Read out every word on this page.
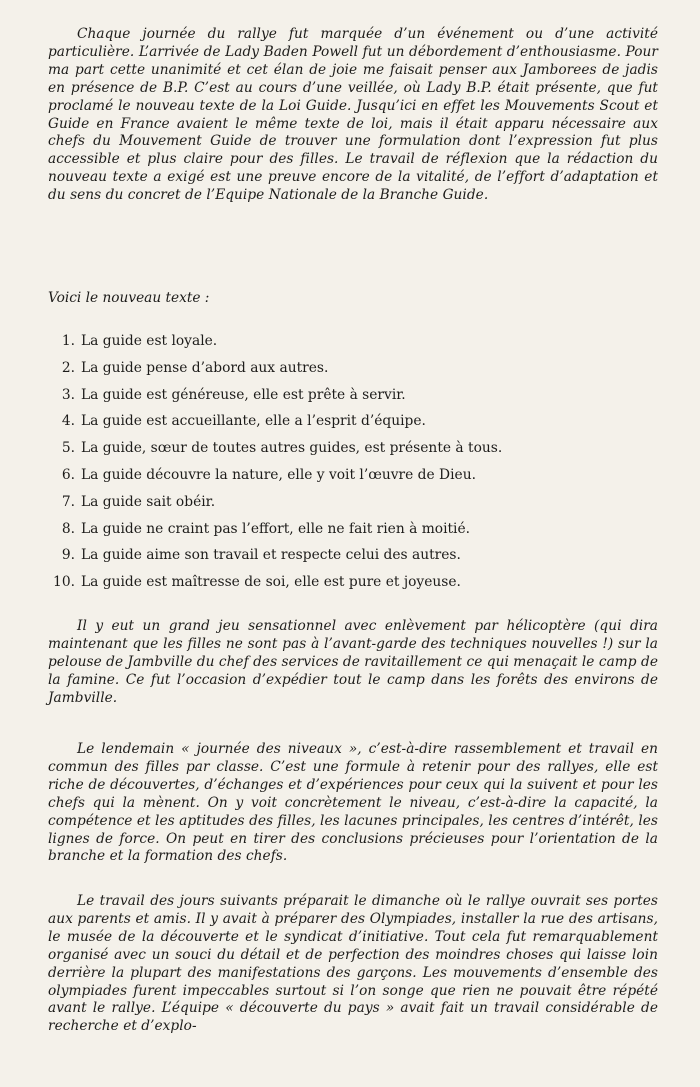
Chaque journée du rallye fut marquée d’un événement ou d’une activité particulière. L’arrivée de Lady Baden Powell fut un débordement d’enthousiasme. Pour ma part cette unanimité et cet élan de joie me faisait penser aux Jamborees de jadis en présence de B.P. C’est au cours d’une veillée, où Lady B.P. était présente, que fut proclamé le nouveau texte de la Loi Guide. Jusqu’ici en effet les Mouvements Scout et Guide en France avaient le même texte de loi, mais il était apparu nécessaire aux chefs du Mouvement Guide de trouver une formulation dont l’expression fut plus accessible et plus claire pour des filles. Le travail de réflexion que la rédaction du nouveau texte a exigé est une preuve encore de la vitalité, de l’effort d’adaptation et du sens du concret de l’Equipe Nationale de la Branche Guide.

Voici le nouveau texte :

1. La guide est loyale.
2. La guide pense d’abord aux autres.
3. La guide est généreuse, elle est prête à servir.
4. La guide est accueillante, elle a l’esprit d’équipe.
5. La guide, sœur de toutes autres guides, est présente à tous.
6. La guide découvre la nature, elle y voit l’œuvre de Dieu.
7. La guide sait obéir.
8. La guide ne craint pas l’effort, elle ne fait rien à moitié.
9. La guide aime son travail et respecte celui des autres.
10. La guide est maîtresse de soi, elle est pure et joyeuse.

Il y eut un grand jeu sensationnel avec enlèvement par hélicoptère (qui dira maintenant que les filles ne sont pas à l’avant-garde des techniques nouvelles !) sur la pelouse de Jambville du chef des services de ravitaillement ce qui menaçait le camp de la famine. Ce fut l’occasion d’expédier tout le camp dans les forêts des environs de Jambville.

Le lendemain « journée des niveaux », c’est-à-dire rassemblement et travail en commun des filles par classe. C’est une formule à retenir pour des rallyes, elle est riche de découvertes, d’échanges et d’expériences pour ceux qui la suivent et pour les chefs qui la mènent. On y voit concrètement le niveau, c’est-à-dire la capacité, la compétence et les aptitudes des filles, les lacunes principales, les centres d’intérêt, les lignes de force. On peut en tirer des conclusions précieuses pour l’orientation de la branche et la formation des chefs.

Le travail des jours suivants préparait le dimanche où le rallye ouvrait ses portes aux parents et amis. Il y avait à préparer des Olympiades, installer la rue des artisans, le musée de la découverte et le syndicat d’initiative. Tout cela fut remarquablement organisé avec un souci du détail et de perfection des moindres choses qui laisse loin derrière la plupart des manifestations des garçons. Les mouvements d’ensemble des olympiades furent impeccables surtout si l’on songe que rien ne pouvait être répété avant le rallye. L’équipe « découverte du pays » avait fait un travail considérable de recherche et d’explo-
